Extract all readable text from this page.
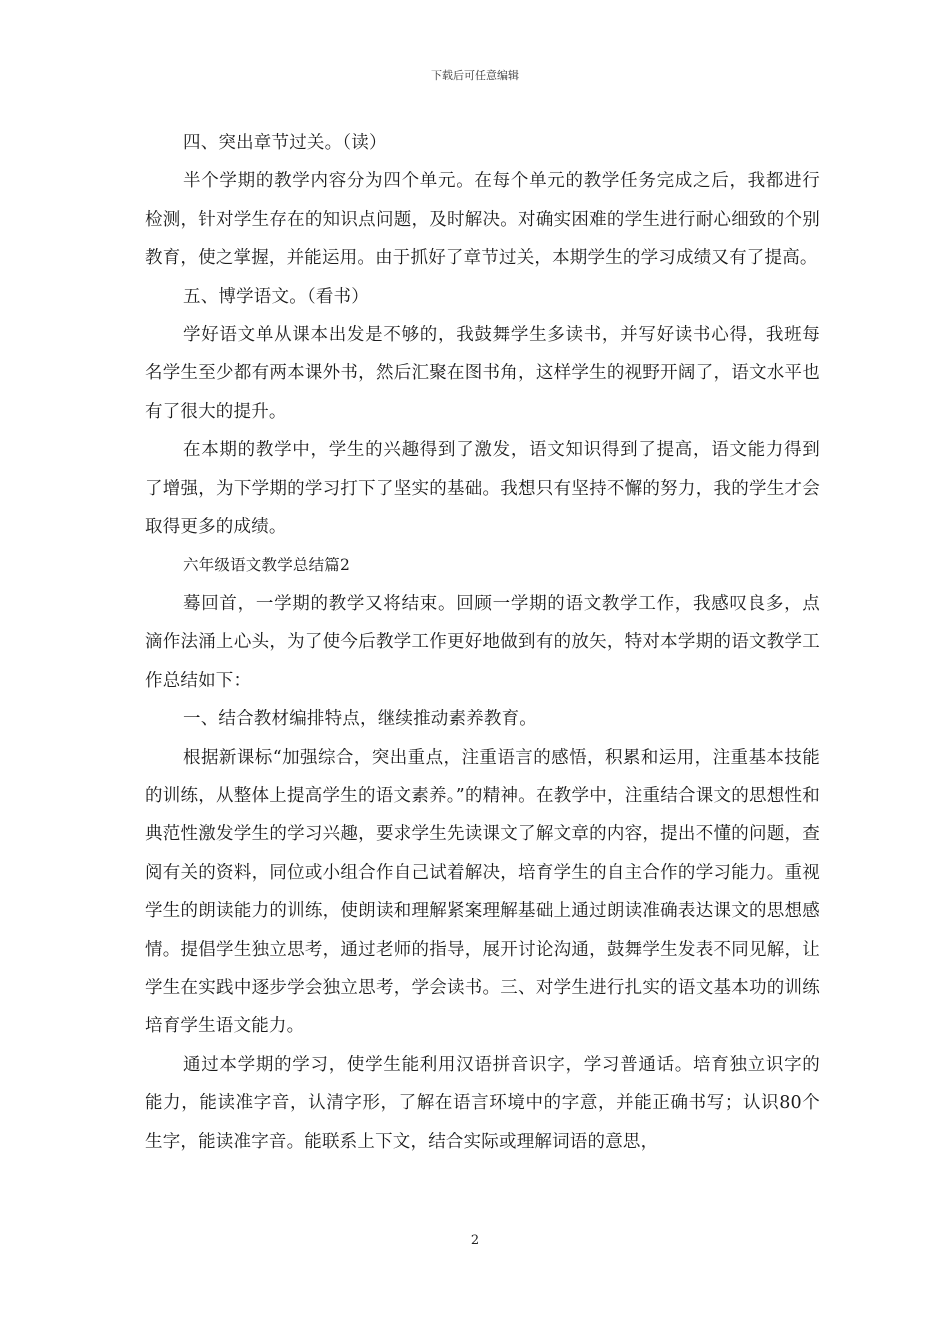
下载后可任意编辑

四、突出章节过关。（读）

半个学期的教学内容分为四个单元。在每个单元的教学任务完成之后，我都进行检测，针对学生存在的知识点问题，及时解决。对确实困难的学生进行耐心细致的个别教育，使之掌握，并能运用。由于抓好了章节过关，本期学生的学习成绩又有了提高。

五、博学语文。（看书）

学好语文单从课本出发是不够的，我鼓舞学生多读书，并写好读书心得，我班每名学生至少都有两本课外书，然后汇聚在图书角，这样学生的视野开阔了，语文水平也有了很大的提升。

在本期的教学中，学生的兴趣得到了激发，语文知识得到了提高，语文能力得到了增强，为下学期的学习打下了坚实的基础。我想只有坚持不懈的努力，我的学生才会取得更多的成绩。

六年级语文教学总结篇2

蓦回首，一学期的教学又将结束。回顾一学期的语文教学工作，我感叹良多，点滴作法涌上心头，为了使今后教学工作更好地做到有的放矢，特对本学期的语文教学工作总结如下：

一、结合教材编排特点，继续推动素养教育。

根据新课标“加强综合，突出重点，注重语言的感悟，积累和运用，注重基本技能的训练，从整体上提高学生的语文素养。”的精神。在教学中，注重结合课文的思想性和典范性激发学生的学习兴趣，要求学生先读课文了解文章的内容，提出不懂的问题，查阅有关的资料，同位或小组合作自己试着解决，培育学生的自主合作的学习能力。重视学生的朗读能力的训练，使朗读和理解紧案理解基础上通过朗读准确表达课文的思想感情。提倡学生独立思考，通过老师的指导，展开讨论沟通，鼓舞学生发表不同见解，让学生在实践中逐步学会独立思考，学会读书。三、对学生进行扎实的语文基本功的训练培育学生语文能力。

通过本学期的学习，使学生能利用汉语拼音识字，学习普通话。培育独立识字的能力，能读准字音，认清字形，了解在语言环境中的字意，并能正确书写；认识80个生字，能读准字音。能联系上下文，结合实际或理解词语的意思，

2
